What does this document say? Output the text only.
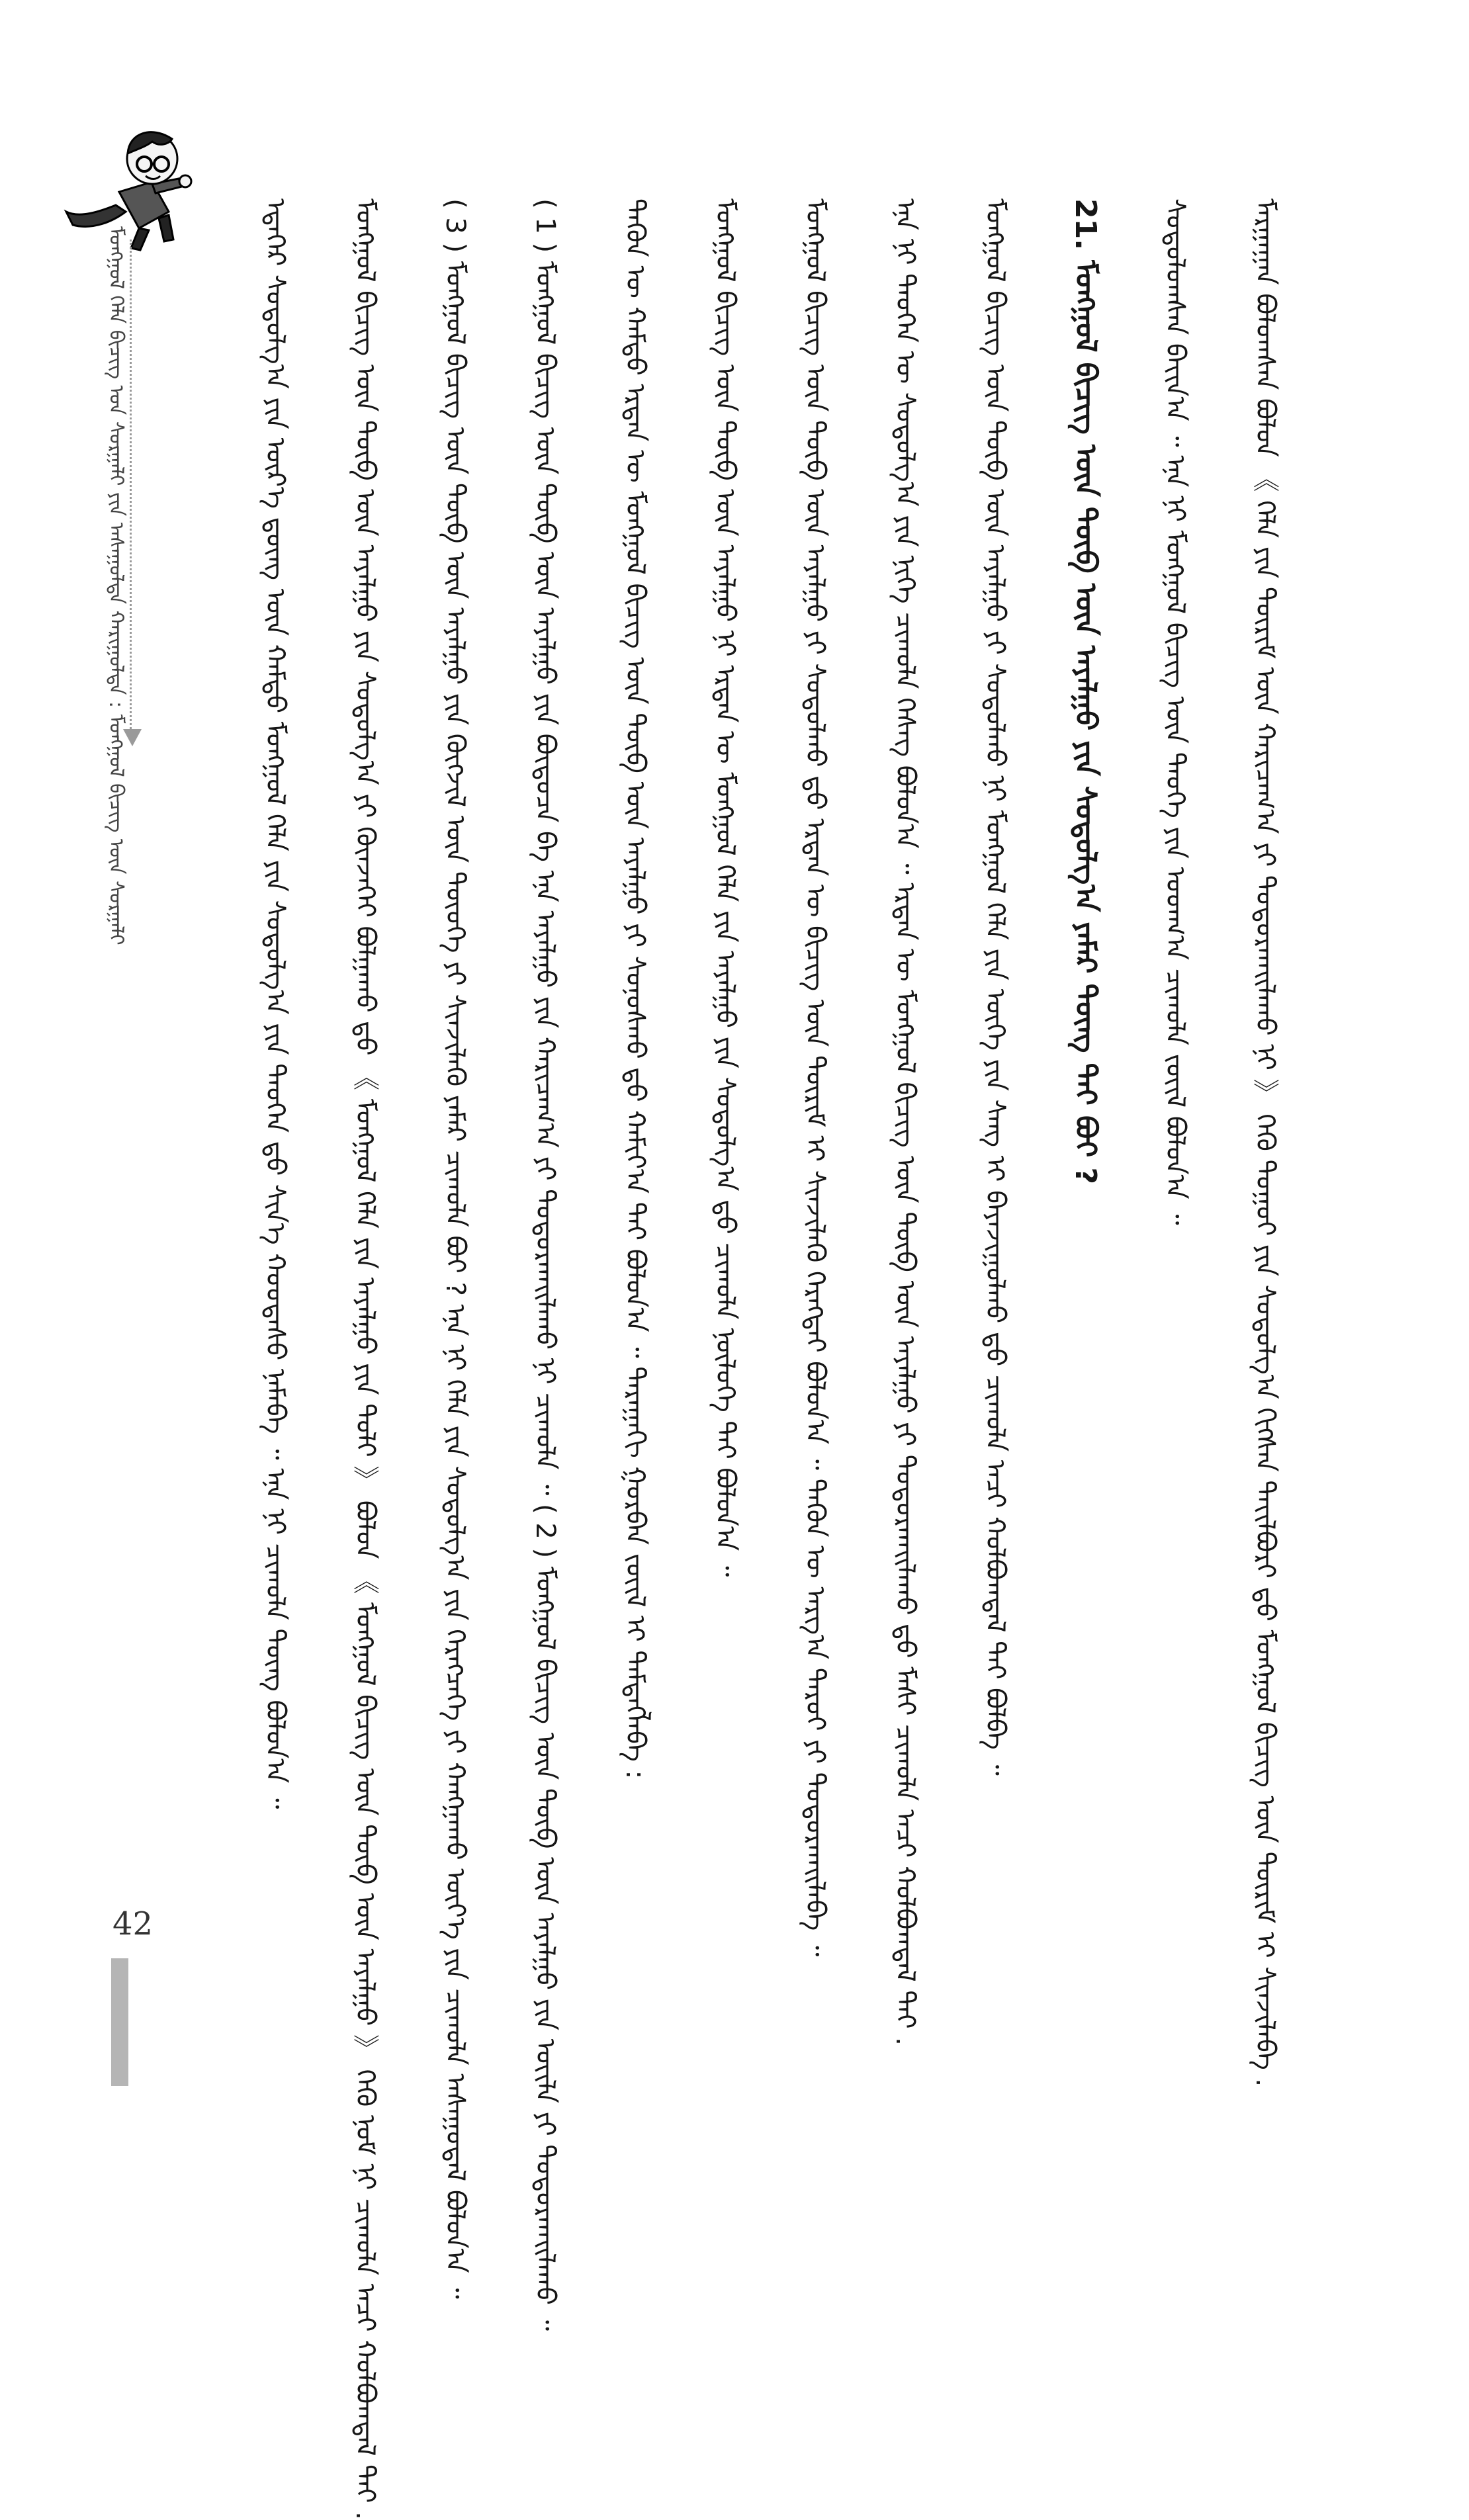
ᠮᠣᠩᠭᠣᠯ ᠬᠡᠯᠡ ᠪᠢᠴᠢᠭ ᠤᠨ ᠰᠤᠷᠭᠠᠯᠢ ᠶᠢᠨ ᠠᠰᠠᠭᠤᠯᠲᠠ ᠬᠠᠷᠢᠭᠤᠯᠲᠠ : ᠮᠣᠩᠭᠣᠯ ᠪᠢᠴᠢᠭ ᠦᠨ ᠰᠤᠷᠭᠠᠯᠢ	ᠮᠠᠷᠭᠠᠭᠠᠨ ᠪᠣᠯᠤᠭᠰᠠᠨ ᠪᠤᠯᠤᠨ 《 ᠬᠡᠯᠡ ᠶᠢᠨ ᠳᠦᠷᠢᠮ ᠦᠨ ᠬᠠᠷᠢᠴᠠᠭ᠎ᠠ ᠶᠢ ᠲᠣᠳᠤᠷᠬᠠᠢᠯᠠᠬᠤ ᠨᠢ 》 ᠭᠡᠬᠦ ᠳᠣᠭᠣᠢ ᠶᠢᠨ ᠰᠤᠳᠤᠯᠭ᠎ᠠ ᠬᠢᠭᠰᠡᠨ ᠲᠠᠶ᠋ᠢᠯᠪᠤᠷᠢ ᠳ᠋ᠤ ᠮᠣᠩᠭᠣᠯ ᠪᠢᠴᠢᠭ ᠦᠨ ᠳᠦᠷᠢᠮ ᠢ ᠰᠢᠨᠵᠢᠯᠡᠪᠡ .
ᠰᠤᠳᠤᠯᠤᠭᠰᠠᠨ ᠪᠠᠶ᠋ᠢᠨ᠎ᠠ ᠃ ᠡᠨᠡ ᠨᠢ ᠮᠣᠩᠭᠣᠯ ᠪᠢᠴᠢᠭ ᠦᠨ ᠲᠡᠦᠬᠡ ᠶᠢᠨ ᠤᠳᠬ᠎ᠠ ᠴᠢᠬᠤᠯᠠ ᠵᠦᠢᠯ ᠪᠣᠯᠤᠨ᠎ᠠ ᠃
21. ᠮᠣᠩᠭᠣᠯ ᠪᠢᠴᠢᠭ ᠦᠨ ᠲᠦᠪ ᠦᠨ ᠠᠶᠠᠯᠭᠤ ᠶᠢᠨ ᠰᠤᠳᠤᠯᠭ᠎ᠠ ᠶᠠᠮᠠᠷ ᠳᠦᠩ ᠲᠠᠢ ᠪᠤᠢ ?
ᠮᠣᠩᠭᠣᠯ ᠪᠢᠴᠢᠭ ᠦᠨ ᠲᠦᠪ ᠦᠨ ᠠᠶᠠᠯᠭᠤ ᠶᠢ ᠰᠤᠳᠤᠯᠬᠤ ᠨᠢ ᠮᠣᠩᠭᠣᠯ ᠬᠡᠯᠡ ᠶᠢᠨ ᠦᠭᠡ ᠶᠢᠨ ᠰᠠᠩ ᠢ ᠪᠠᠶᠠᠵᠢᠭᠤᠯᠬᠤ ᠳ᠋ᠤ ᠴᠢᠬᠤᠯᠠ ᠠᠴᠢ ᠬᠣᠯᠪᠣᠭᠳᠠᠯ ᠲᠠᠢ ᠪᠣᠯᠪᠠ ᠃
ᠡᠨᠡ ᠨᠢ ᠲᠡᠦᠬᠡᠨ ᠦ ᠰᠤᠳᠤᠯᠭ᠎ᠠ ᠶᠢᠨ ᠨᠢᠭᠡ ᠴᠢᠬᠤᠯᠠ ᠬᠡᠰᠡᠭ ᠪᠣᠯᠤᠨ᠎ᠠ ᠃ ᠡᠷᠲᠡᠨ ᠦ ᠮᠣᠩᠭᠣᠯ ᠪᠢᠴᠢᠭ ᠦᠨ ᠲᠦᠪ ᠦᠨ ᠠᠶᠠᠯᠭᠤ ᠶᠢ ᠲᠣᠳᠤᠷᠬᠠᠢᠯᠠᠬᠤ ᠳ᠋ᠤ ᠮᠠᠰᠢ ᠴᠢᠬᠤᠯᠠ ᠠᠴᠢ ᠬᠣᠯᠪᠣᠭᠳᠠᠯ ᠲᠠᠢ .
ᠮᠣᠩᠭᠣᠯ ᠪᠢᠴᠢᠭ ᠦᠨ ᠲᠦᠪ ᠦᠨ ᠠᠶᠠᠯᠭᠤ ᠶᠢ ᠰᠤᠳᠤᠯᠬᠤ ᠳ᠋ᠤ ᠡᠷᠲᠡᠨ ᠦ ᠪᠢᠴᠢᠭ ᠦᠨ ᠳᠦᠷᠢᠮ ᠢ ᠰᠢᠨᠵᠢᠯᠡᠬᠦ ᠬᠡᠷᠡᠭᠲᠡᠢ ᠪᠣᠯᠤᠨ᠎ᠠ ᠃ ᠲᠡᠭᠦᠨ ᠦ ᠠᠷᠭ᠎ᠠ ᠳᠠᠷᠤᠢ ᠶᠢ ᠲᠣᠳᠤᠷᠬᠠᠢᠯᠠᠪᠠ ᠃
ᠮᠣᠩᠭᠣᠯ ᠪᠢᠴᠢᠭ ᠦᠨ ᠲᠦᠪ ᠦᠨ ᠠᠶᠠᠯᠭᠤ ᠨᠢ ᠡᠷᠲᠡᠨ ᠦ ᠮᠣᠩᠭᠣᠯ ᠬᠡᠯᠡ ᠶᠢᠨ ᠠᠶᠠᠯᠭᠤ ᠶᠢᠨ ᠰᠤᠳᠤᠯᠭ᠎ᠠ ᠳ᠋ᠤ ᠴᠢᠬᠤᠯᠠ ᠨᠥᠯᠦᠭᠡ ᠲᠠᠢ ᠪᠣᠯᠤᠨ᠎ᠠ ᠃
ᠲᠡᠭᠦᠨ ᠦ ᠬᠠᠮᠲᠤ ᠡᠷᠲᠡᠨ ᠦ ᠮᠣᠩᠭᠣᠯ ᠪᠢᠴᠢᠭ ᠦᠨ ᠲᠦᠪ ᠦᠨ ᠠᠶᠠᠯᠭᠤ ᠶᠢ ᠰᠣᠨᠣᠰᠬᠤ ᠳ᠋ᠤ ᠬᠠᠮᠢᠶ᠎ᠠ ᠲᠠᠢ ᠪᠣᠯᠤᠨ᠎ᠠ ᠃ ᠳᠠᠷᠠᠭᠠᠬᠢ ᠭᠤᠷᠪᠠᠨ ᠵᠦᠢᠯ ᠢ ᠲᠡᠮᠳᠡᠭᠯᠡᠪᠡ :
( 1 ) ᠮᠣᠩᠭᠣᠯ ᠪᠢᠴᠢᠭ ᠦᠨ ᠲᠦᠪ ᠦᠨ ᠠᠶᠠᠯᠭᠤ ᠶᠢᠨ ᠪᠦᠲᠦᠴᠡ ᠪᠠ ᠡᠨᠡ ᠠᠶᠠᠯᠭᠤ ᠶᠢᠨ ᠬᠠᠷᠢᠴᠠᠭ᠎ᠠ ᠶᠢ ᠲᠣᠳᠤᠷᠬᠠᠢᠯᠠᠬᠤ ᠨᠢ ᠴᠢᠬᠤᠯᠠ ᠃ ( 2 ) ᠮᠣᠩᠭᠣᠯ ᠪᠢᠴᠢᠭ ᠦᠨ ᠲᠦᠪ ᠦᠨ ᠠᠶᠠᠯᠭᠤ ᠶᠢᠨ ᠦᠢᠯᠡ ᠶᠢ ᠲᠣᠳᠤᠷᠬᠠᠢᠯᠠᠬᠤ ᠃
( 3 ) ᠮᠣᠩᠭᠣᠯ ᠪᠢᠴᠢᠭ ᠦᠨ ᠲᠦᠪ ᠦᠨ ᠠᠶᠠᠯᠭᠤ ᠶᠢᠨ ᠬᠥᠭᠵᠢᠯ ᠦᠨ ᠲᠦᠦᠬᠡ ᠶᠢ ᠰᠢᠨᠵᠢᠯᠡᠬᠦ ᠶᠠᠮᠠᠷ ᠴᠢᠬᠤᠯᠠ ᠪᠤᠢ ? ᠡᠨᠡ ᠨᠢ ᠬᠡᠯᠡ ᠶᠢᠨ ᠰᠤᠳᠤᠯᠭ᠎ᠠ ᠶᠢᠨ ᠬᠡᠷᠡᠭᠴᠡᠭᠡ ᠶᠢ ᠬᠠᠩᠭᠠᠬᠤ ᠦᠶ᠎ᠡ ᠶᠢᠨ ᠴᠢᠬᠤᠯᠠ ᠠᠰᠠᠭᠤᠳᠠᠯ ᠪᠣᠯᠤᠨ᠎ᠠ ᠃
ᠮᠣᠩᠭᠣᠯ ᠪᠢᠴᠢᠭ ᠦᠨ ᠲᠦᠪ ᠦᠨ ᠠᠶᠠᠯᠭᠤ ᠶᠢᠨ ᠰᠤᠳᠤᠯᠭ᠎ᠠ ᠶᠢ ᠭᠦᠨᠵᠡᠭᠡᠢ ᠪᠣᠯᠭᠠᠬᠤ ᠳ᠋ᠤ 《 ᠮᠣᠩᠭᠣᠯ ᠬᠡᠯᠡ ᠶᠢᠨ ᠠᠶᠠᠯᠭᠤ ᠶᠢᠨ ᠲᠣᠯᠢ 》 ᠪᠣᠯᠤᠨ 《 ᠮᠣᠩᠭᠣᠯ ᠪᠢᠴᠢᠭ ᠦᠨ ᠲᠦᠪ ᠦᠨ ᠠᠶᠠᠯᠭᠤ 》 ᠭᠡᠬᠦ ᠨᠣᠮ ᠨᠢ ᠴᠢᠬᠤᠯᠠ ᠠᠴᠢ ᠬᠣᠯᠪᠣᠭᠳᠠᠯ ᠲᠠᠢ .
ᠡᠳᠡᠭᠡᠷ ᠰᠤᠳᠤᠯᠭ᠎ᠠ ᠶᠢᠨ ᠦᠷ᠎ᠡ ᠳ᠋ᠦᠩ ᠦᠨ ᠬᠠᠮᠲᠤ ᠮᠣᠩᠭᠣᠯ ᠬᠡᠯᠡ ᠶᠢᠨ ᠰᠤᠳᠤᠯᠭ᠎ᠠ ᠶᠢᠨ ᠲᠡᠦᠬᠡᠨ ᠳ᠋ᠤ ᠰᠢᠨ᠎ᠡ ᠬᠤᠤᠳᠠᠰᠤ ᠨᠡᠮᠡᠪᠡ ᠃ ᠡᠨᠡ ᠨᠢ ᠴᠢᠬᠤᠯᠠ ᠳᠦᠩ ᠪᠣᠯᠤᠨ᠎ᠠ ᠃
42
